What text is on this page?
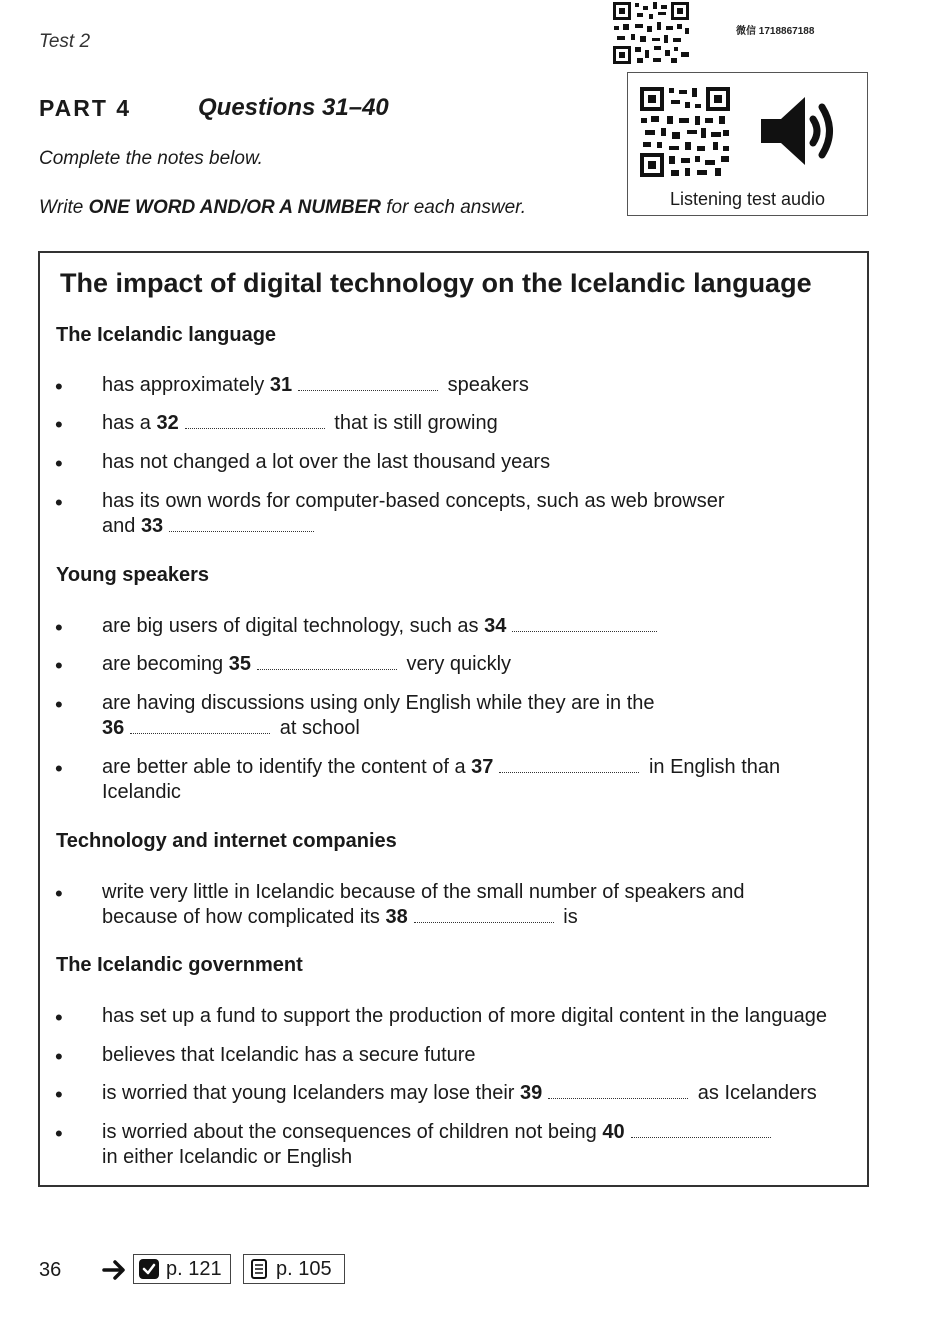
Test 2	微信 1718867188
PART 4	Questions 31–40
Complete the notes below.
Write ONE WORD AND/OR A NUMBER for each answer.	Listening test audio
The impact of digital technology on the Icelandic language
The Icelandic language
•	has approximately 31	speakers
•	has a 32	that is still growing
•	has not changed a lot over the last thousand years
•	has its own words for computer-based concepts, such as web browser
and 33
Young speakers
•	are big users of digital technology, such as 34
•	are becoming 35	very quickly
•	are having discussions using only English while they are in the
36	at school
•	are better able to identify the content of a 37	in English than
Icelandic
Technology and internet companies
•	write very little in Icelandic because of the small number of speakers and
because of how complicated its 38	is
The Icelandic government
•	has set up a fund to support the production of more digital content in the language
•	believes that Icelandic has a secure future
•	is worried that young Icelanders may lose their 39	as Icelanders
•	is worried about the consequences of children not being 40
in either Icelandic or English
36	p. 121	p. 105
